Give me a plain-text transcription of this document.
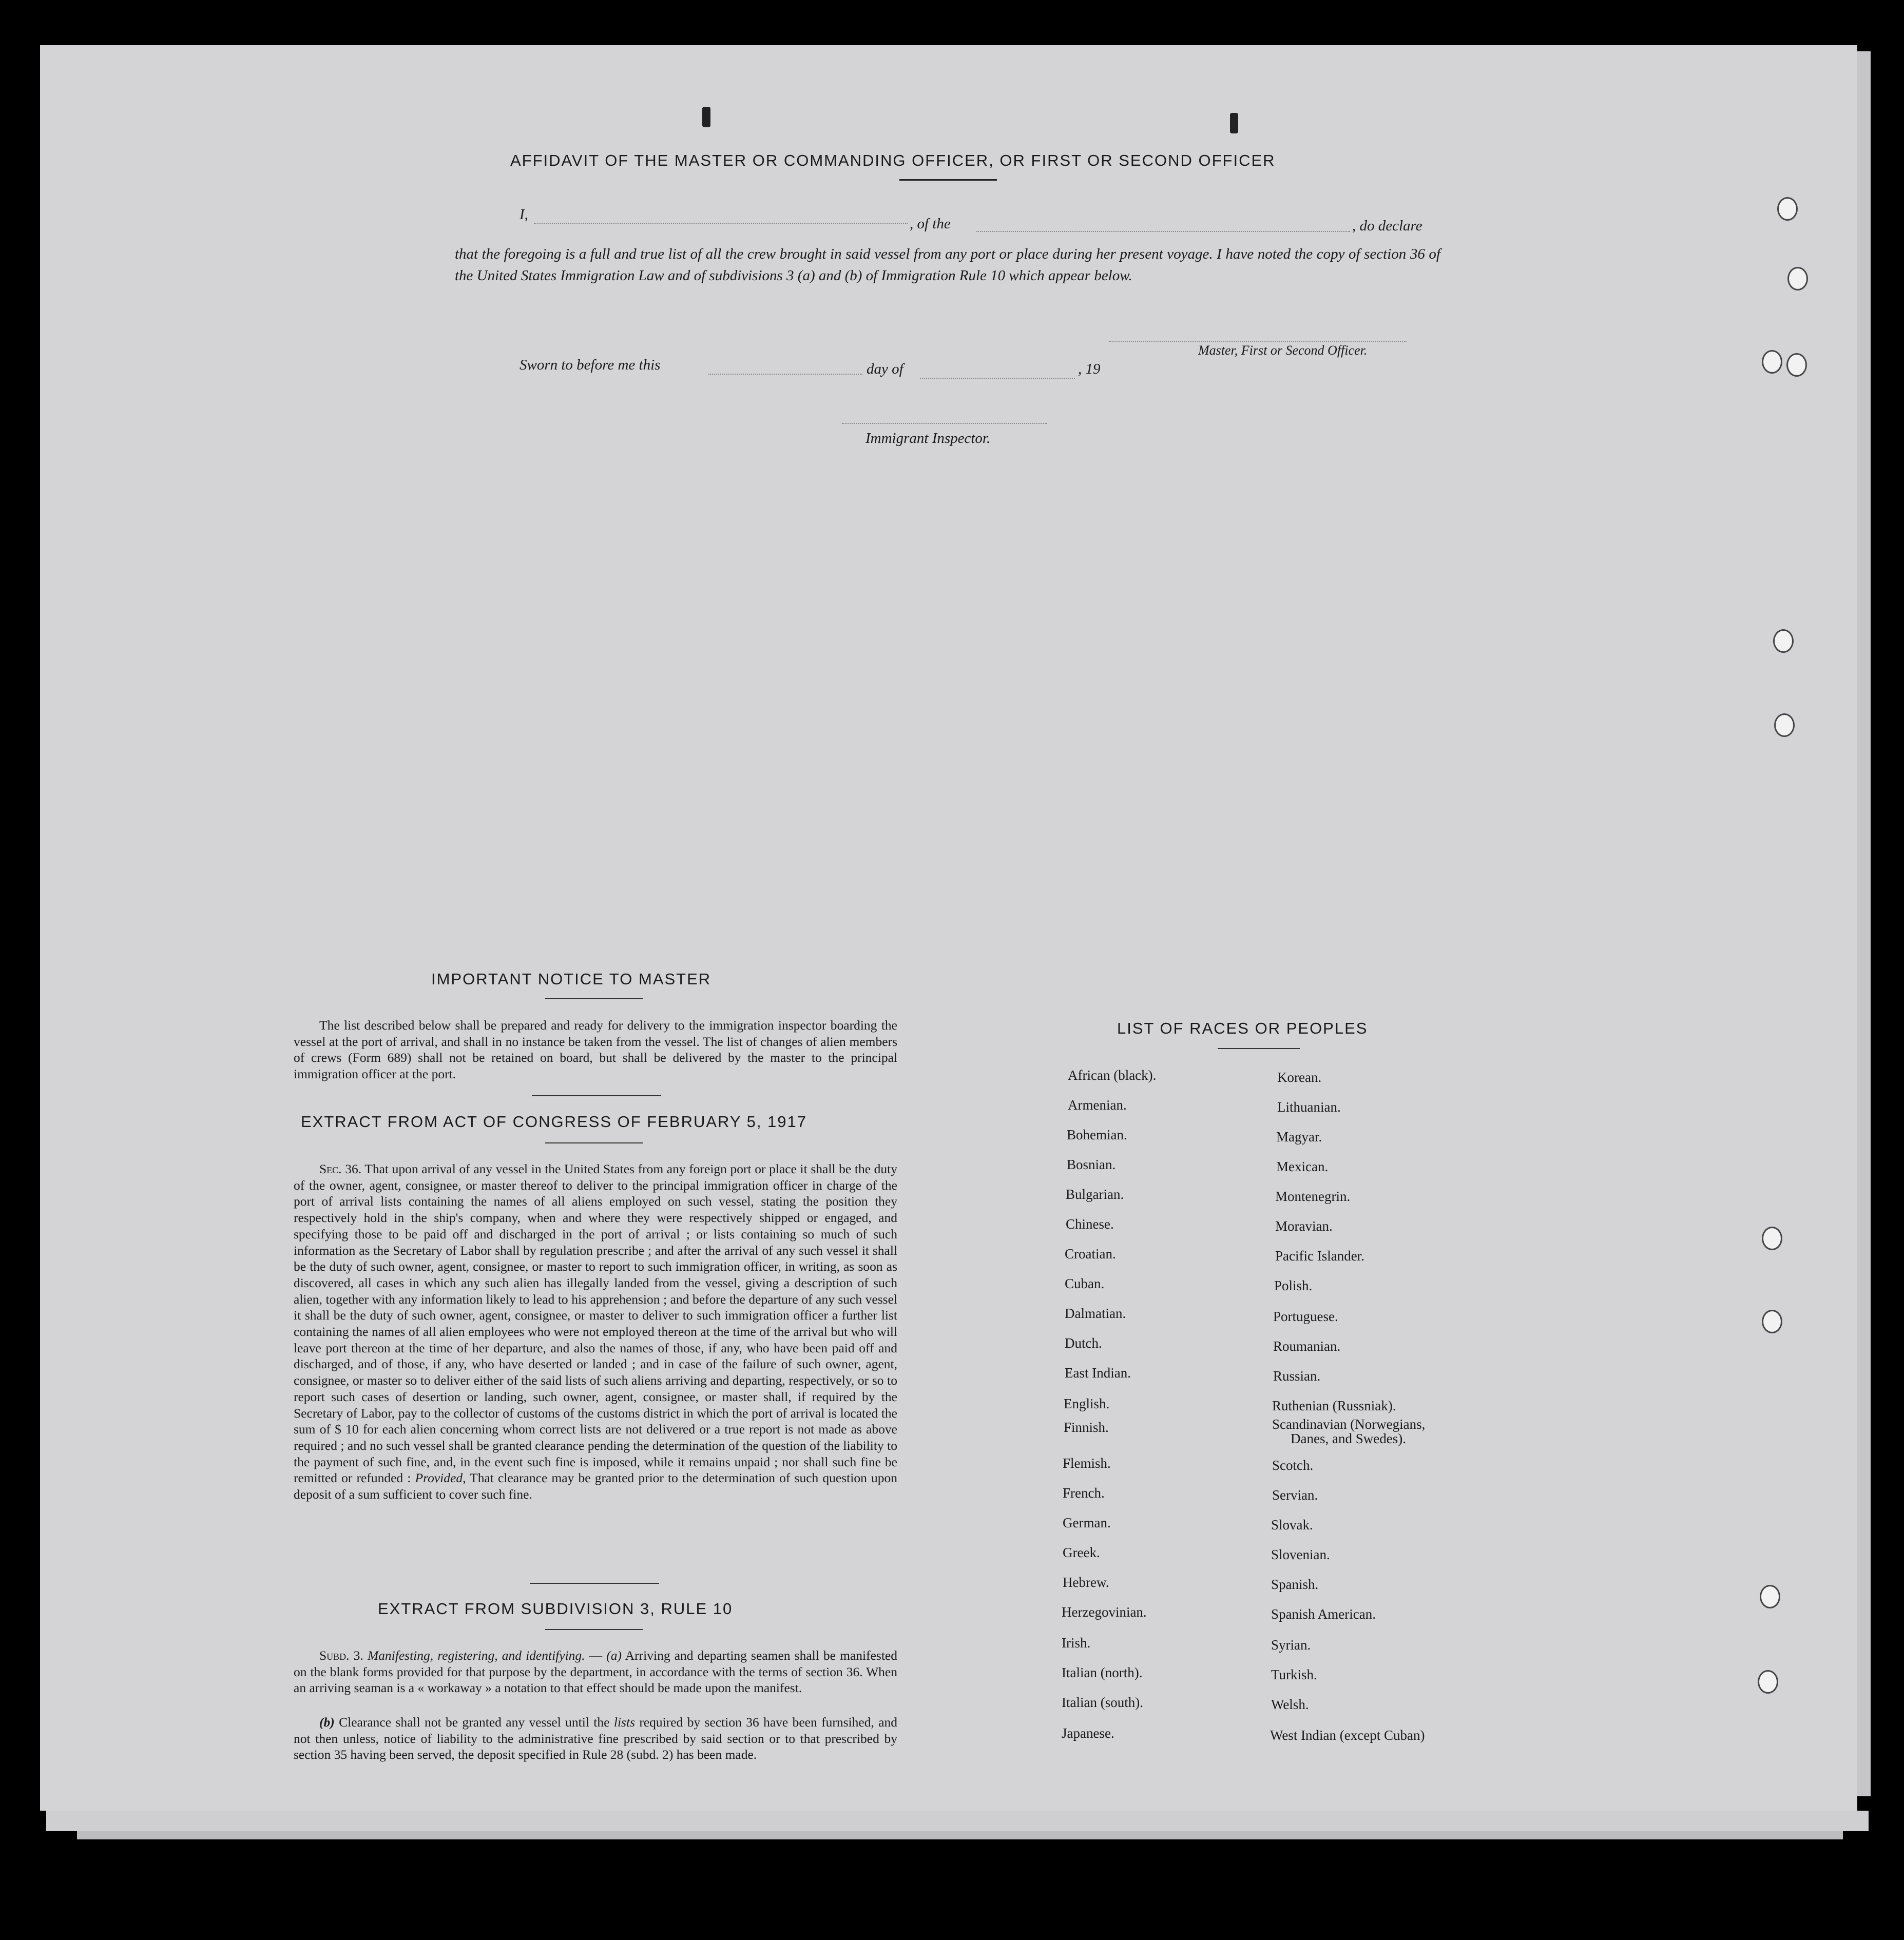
AFFIDAVIT OF THE MASTER OR COMMANDING OFFICER, OR FIRST OR SECOND OFFICER
I,
, of the	, do declare
that the foregoing is a full and true list of all the crew brought in said vessel from any port or place during her present voyage. I have noted the copy of section 36 of the United States Immigration Law and of subdivisions 3 (a) and (b) of Immigration Rule 10 which appear below.
Master, First or Second Officer.
Sworn to before me this	day of	, 19
Immigrant Inspector.
IMPORTANT NOTICE TO MASTER
The list described below shall be prepared and ready for delivery to the immigration inspector boarding the vessel at the port of arrival, and shall in no instance be taken from the vessel. The list of changes of alien members of crews (Form 689) shall not be retained on board, but shall be delivered by the master to the principal immigration officer at the port.
EXTRACT FROM ACT OF CONGRESS OF FEBRUARY 5, 1917
Sec. 36. That upon arrival of any vessel in the United States from any foreign port or place it shall be the duty of the owner, agent, consignee, or master thereof to deliver to the principal immigration officer in charge of the port of arrival lists containing the names of all aliens employed on such vessel, stating the position they respectively hold in the ship's company, when and where they were respectively shipped or engaged, and specifying those to be paid off and discharged in the port of arrival ; or lists containing so much of such information as the Secretary of Labor shall by regulation prescribe ; and after the arrival of any such vessel it shall be the duty of such owner, agent, consignee, or master to report to such immigration officer, in writing, as soon as discovered, all cases in which any such alien has illegally landed from the vessel, giving a description of such alien, together with any information likely to lead to his apprehension ; and before the departure of any such vessel it shall be the duty of such owner, agent, consignee, or master to deliver to such immigration officer a further list containing the names of all alien employees who were not employed thereon at the time of the arrival but who will leave port thereon at the time of her departure, and also the names of those, if any, who have been paid off and discharged, and of those, if any, who have deserted or landed ; and in case of the failure of such owner, agent, consignee, or master so to deliver either of the said lists of such aliens arriving and departing, respectively, or so to report such cases of desertion or landing, such owner, agent, consignee, or master shall, if required by the Secretary of Labor, pay to the collector of customs of the customs district in which the port of arrival is located the sum of $ 10 for each alien concerning whom correct lists are not delivered or a true report is not made as above required ; and no such vessel shall be granted clearance pending the determination of the question of the liability to the payment of such fine, and, in the event such fine is imposed, while it remains unpaid ; nor shall such fine be remitted or refunded : Provided, That clearance may be granted prior to the determination of such question upon deposit of a sum sufficient to cover such fine.
EXTRACT FROM SUBDIVISION 3, RULE 10
Subd. 3. Manifesting, registering, and identifying. — (a) Arriving and departing seamen shall be manifested on the blank forms provided for that purpose by the department, in accordance with the terms of section 36. When an arriving seaman is a « workaway » a notation to that effect should be made upon the manifest.
(b) Clearance shall not be granted any vessel until the lists required by section 36 have been furnsihed, and not then unless, notice of liability to the administrative fine prescribed by said section or to that prescribed by section 35 having been served, the deposit specified in Rule 28 (subd. 2) has been made.
LIST OF RACES OR PEOPLES
African (black).
Armenian.
Bohemian.
Bosnian.
Bulgarian.
Chinese.
Croatian.
Cuban.
Dalmatian.
Dutch.
East Indian.
English.
Finnish.
Flemish.
French.
German.
Greek.
Hebrew.
Herzegovinian.
Irish.
Italian (north).
Italian (south).
Japanese.
Korean.
Lithuanian.
Magyar.
Mexican.
Montenegrin.
Moravian.
Pacific Islander.
Polish.
Portuguese.
Roumanian.
Russian.
Ruthenian (Russniak).
Scandinavian (Norwegians,
Danes, and Swedes).
Scotch.
Servian.
Slovak.
Slovenian.
Spanish.
Spanish American.
Syrian.
Turkish.
Welsh.
West Indian (except Cuban)
